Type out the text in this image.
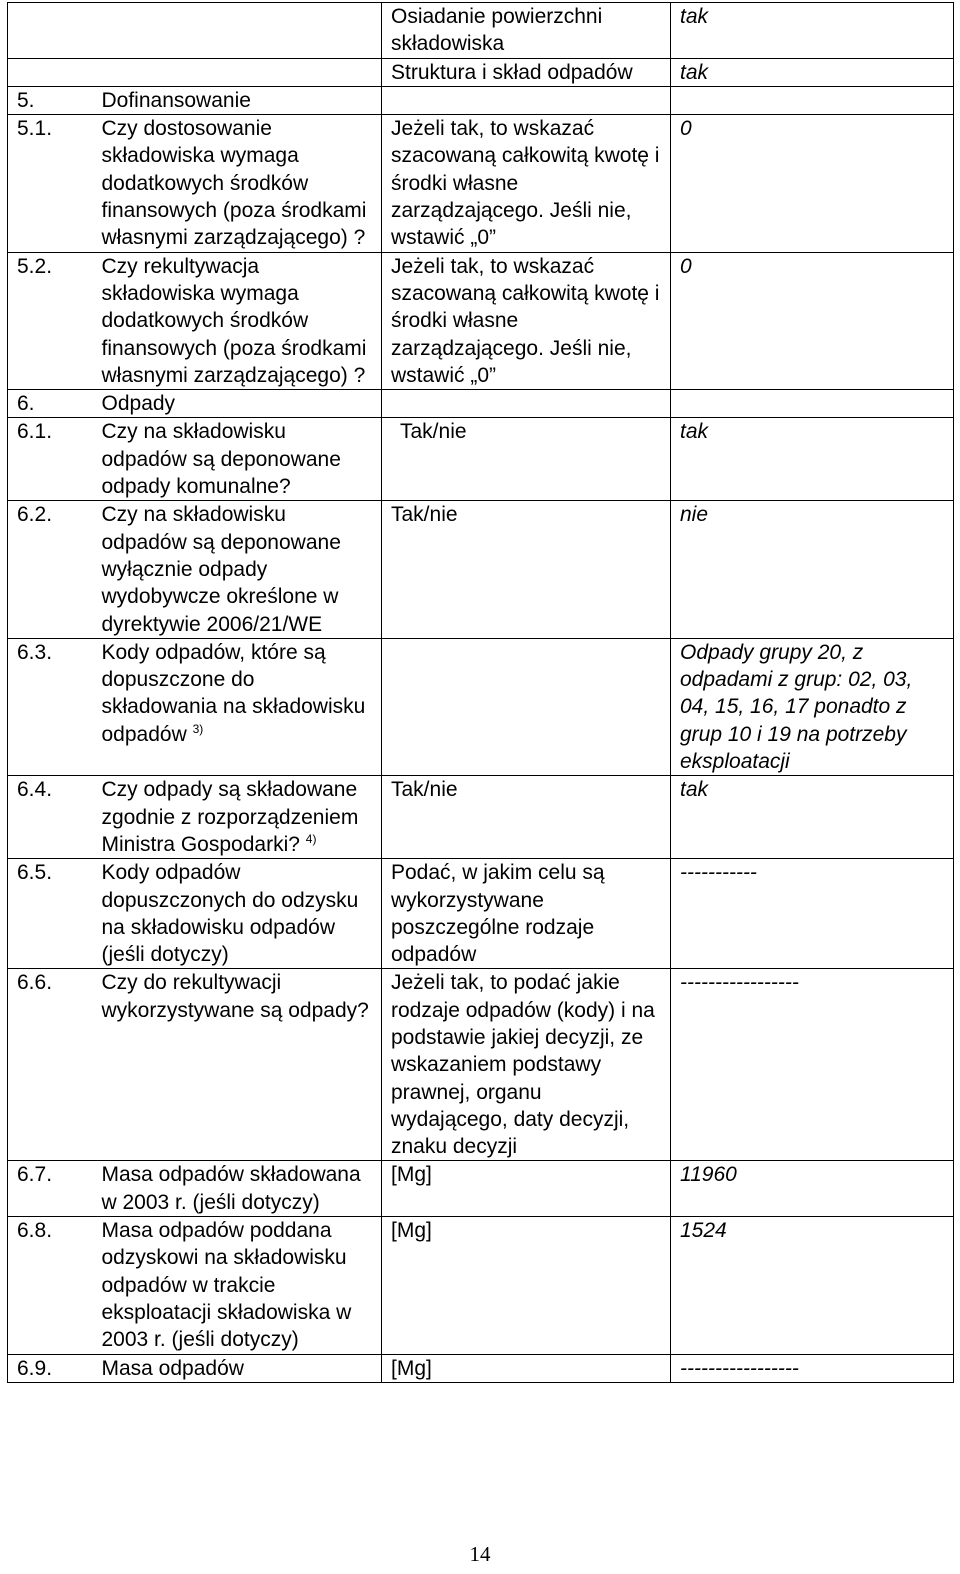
		Osiadanie powierzchni składowiska	tak
		Struktura i skład odpadów	tak
5.	Dofinansowanie		
5.1.	Czy dostosowanie składowiska wymaga dodatkowych środków finansowych (poza środkami własnymi zarządzającego) ?	Jeżeli tak, to wskazać szacowaną całkowitą kwotę i środki własne zarządzającego. Jeśli nie, wstawić „0”	0
5.2.	Czy rekultywacja składowiska wymaga dodatkowych środków finansowych (poza środkami własnymi zarządzającego) ?	Jeżeli tak, to wskazać szacowaną całkowitą kwotę i środki własne zarządzającego. Jeśli nie, wstawić „0”	0
6.	Odpady		
6.1.	Czy na składowisku odpadów są deponowane odpady komunalne?	Tak/nie	tak
6.2.	Czy na składowisku odpadów są deponowane wyłącznie odpady wydobywcze określone w dyrektywie 2006/21/WE	Tak/nie	nie
6.3.	Kody odpadów, które są dopuszczone do składowania na składowisku odpadów $^{3)}$		Odpady grupy 20, z odpadami z grup: 02, 03, 04, 15, 16, 17 ponadto z grup 10 i 19 na potrzeby eksploatacji
6.4.	Czy odpady są składowane zgodnie z rozporządzeniem Ministra Gospodarki? $^{4)}$	Tak/nie	tak
6.5.	Kody odpadów dopuszczonych do odzysku na składowisku odpadów (jeśli dotyczy)	Podać, w jakim celu są wykorzystywane poszczególne rodzaje odpadów	-----------
6.6.	Czy do rekultywacji wykorzystywane są odpady?	Jeżeli tak, to podać jakie rodzaje odpadów (kody) i na podstawie jakiej decyzji, ze wskazaniem podstawy prawnej, organu wydającego, daty decyzji, znaku decyzji	-----------------
6.7.	Masa odpadów składowana w 2003 r. (jeśli dotyczy)	[Mg]	11960
6.8.	Masa odpadów poddana odzyskowi na składowisku odpadów w trakcie eksploatacji składowiska w 2003 r. (jeśli dotyczy)	[Mg]	1524
6.9.	Masa odpadów	[Mg]	-----------------
14
